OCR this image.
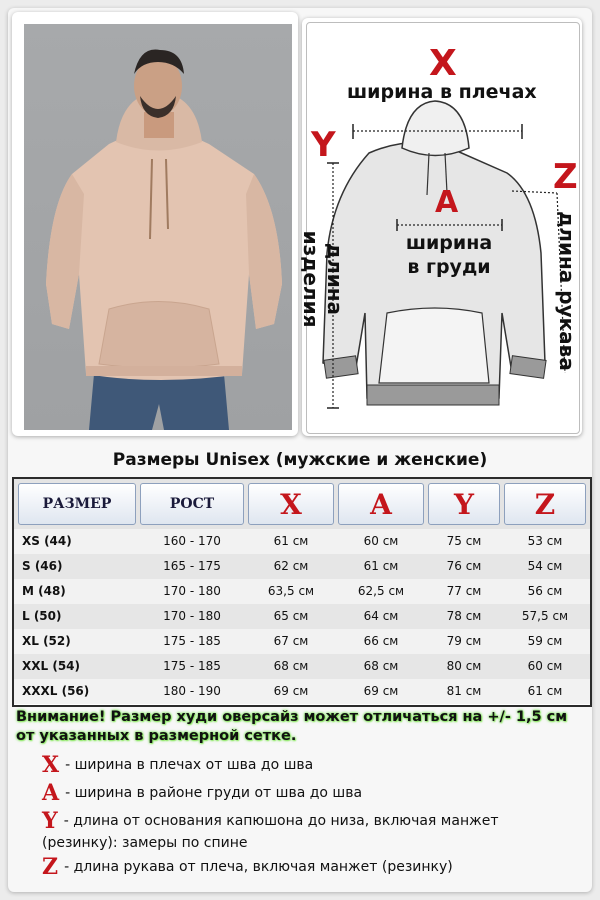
X
ширина в плечах
Y
длина изделия
A
ширина
в груди
Z
длина рукава
Размеры Unisex (мужские и женские)
РАЗМЕР	РОСТ	X	A	Y	Z
XS (44)	160 - 170	61 см	60 см	75 см	53 см
S (46)	165 - 175	62 см	61 см	76 см	54 см
M (48)	170 - 180	63,5 см	62,5 см	77 см	56 см
L (50)	170 - 180	65 см	64 см	78 см	57,5 см
XL (52)	175 - 185	67 см	66 см	79 см	59 см
XXL (54)	175 - 185	68 см	68 см	80 см	60 см
XXXL (56)	180 - 190	69 см	69 см	81 см	61 см
Внимание! Размер худи оверсайз может отличаться на +/- 1,5 см от указанных в размерной сетке.
X - ширина в плечах от шва до шва
A - ширина в районе груди от шва до шва
Y - длина от основания капюшона до низа, включая манжет (резинку): замеры по спине
Z - длина рукава от плеча, включая манжет (резинку)
